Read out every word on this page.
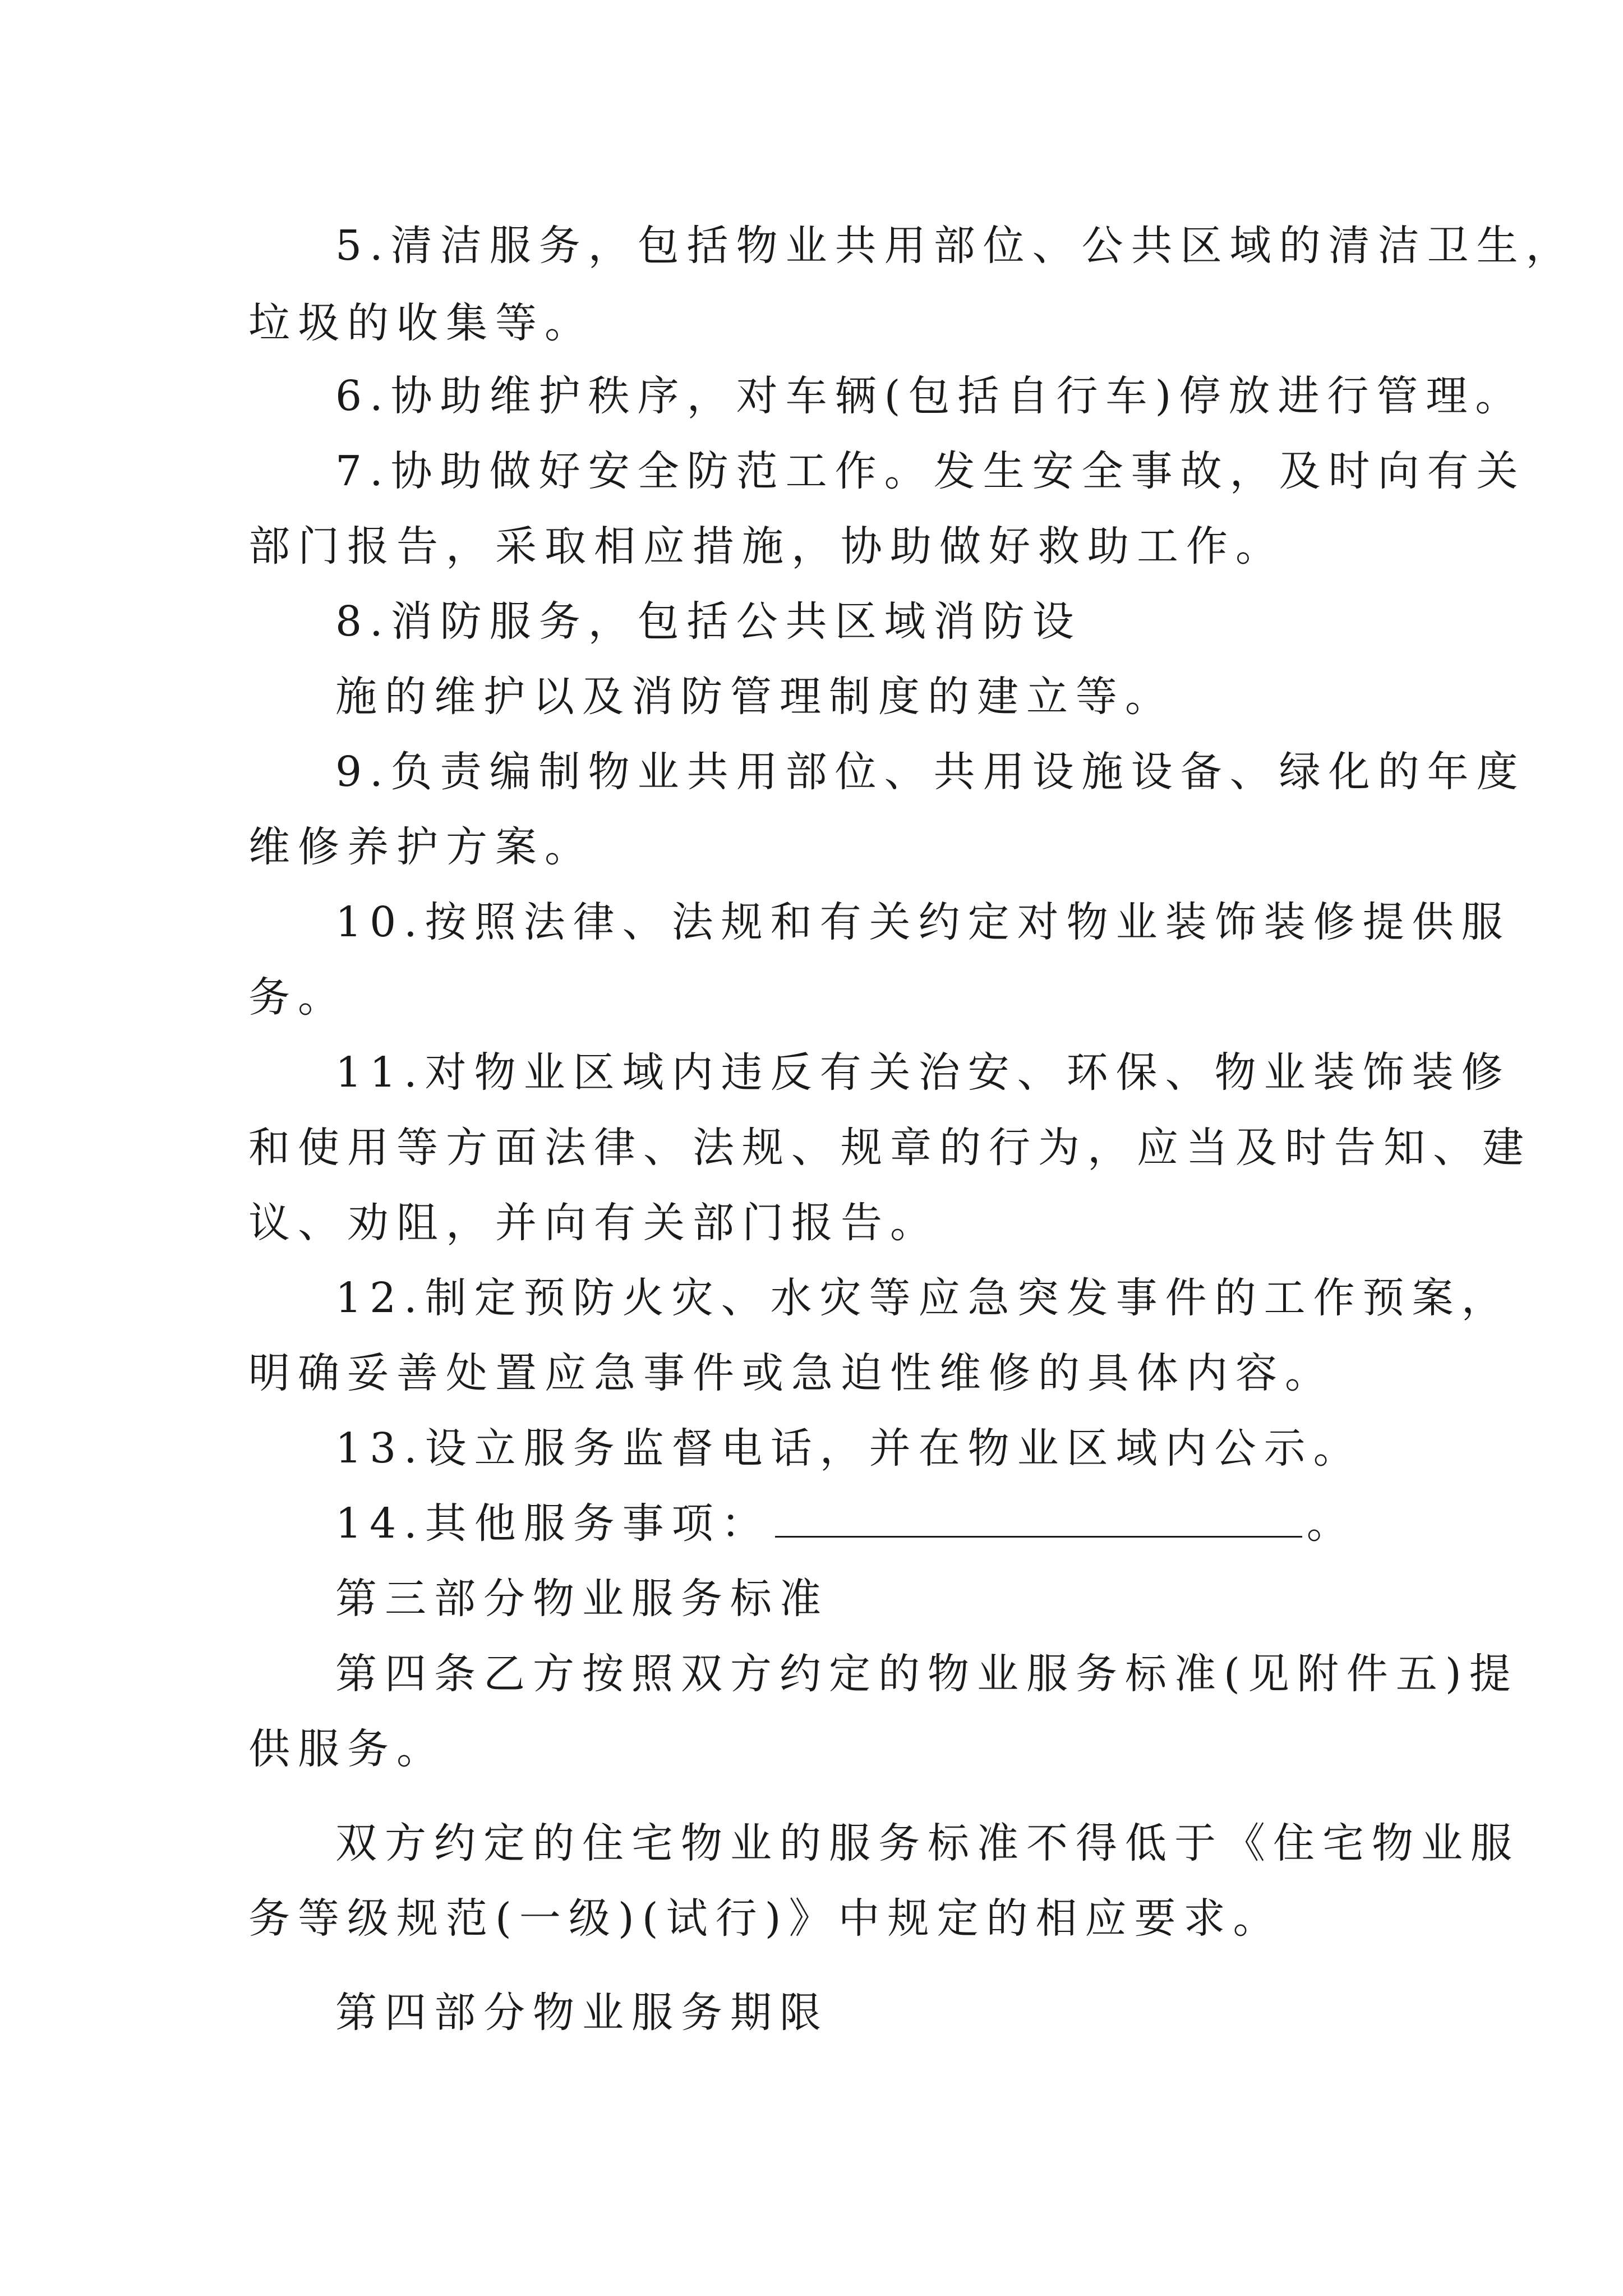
5.清洁服务，包括物业共用部位、公共区域的清洁卫生，
垃圾的收集等。
6.协助维护秩序，对车辆(包括自行车)停放进行管理。
7.协助做好安全防范工作。发生安全事故，及时向有关
部门报告，采取相应措施，协助做好救助工作。
8.消防服务，包括公共区域消防设
施的维护以及消防管理制度的建立等。
9.负责编制物业共用部位、共用设施设备、绿化的年度
维修养护方案。
10.按照法律、法规和有关约定对物业装饰装修提供服
务。
11.对物业区域内违反有关治安、环保、物业装饰装修
和使用等方面法律、法规、规章的行为，应当及时告知、建
议、劝阻，并向有关部门报告。
12.制定预防火灾、水灾等应急突发事件的工作预案，
明确妥善处置应急事件或急迫性维修的具体内容。
13.设立服务监督电话，并在物业区域内公示。
14.其他服务事项：	。
第三部分物业服务标准
第四条乙方按照双方约定的物业服务标准(见附件五)提
供服务。
双方约定的住宅物业的服务标准不得低于《住宅物业服
务等级规范(一级)(试行)》中规定的相应要求。
第四部分物业服务期限
